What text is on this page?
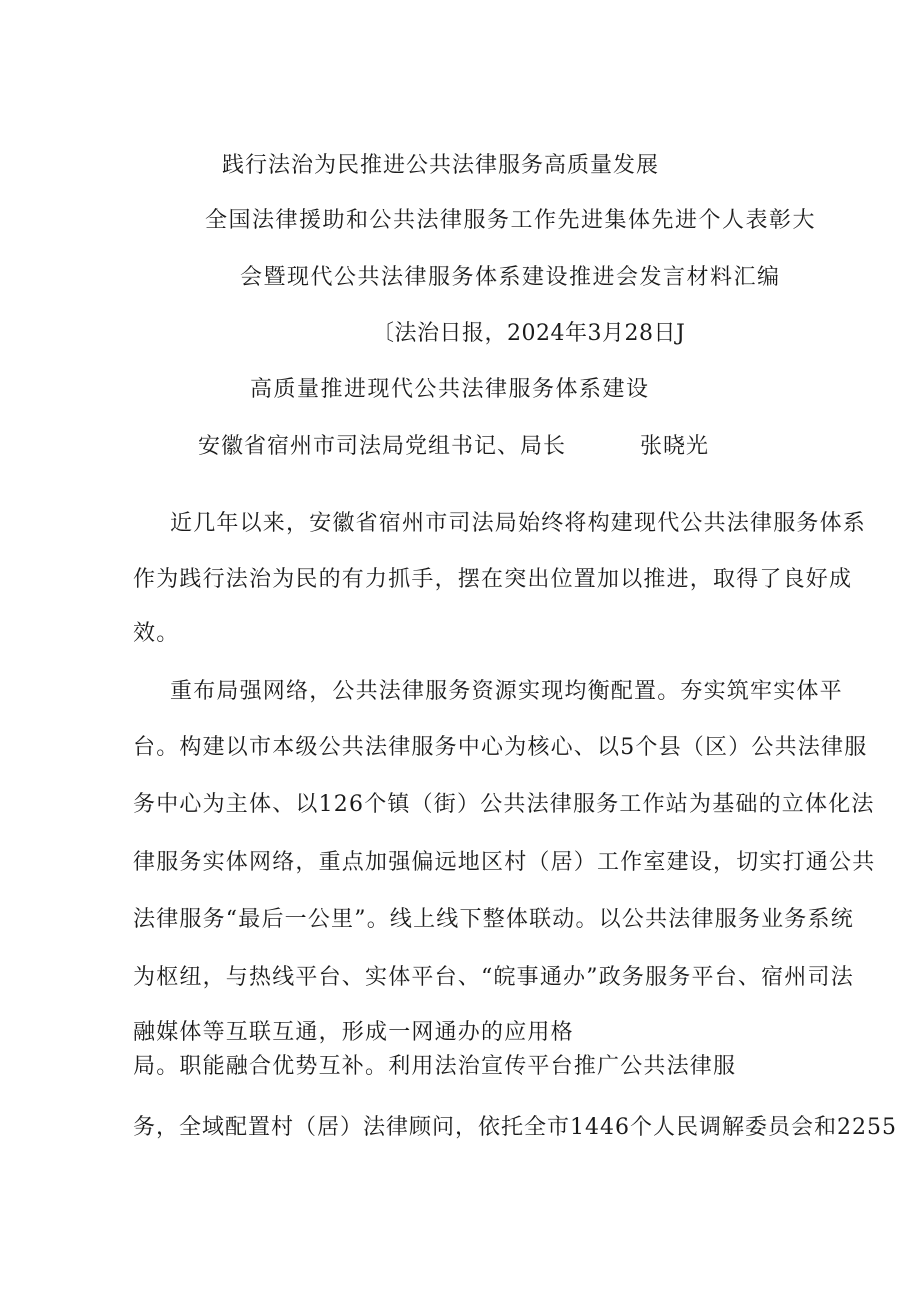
践行法治为民推进公共法律服务高质量发展
全国法律援助和公共法律服务工作先进集体先进个人表彰大
会暨现代公共法律服务体系建设推进会发言材料汇编
〔法治日报，2024年3月28日J
高质量推进现代公共法律服务体系建设
安徽省宿州市司法局党组书记、局长	张晓光
近几年以来，安徽省宿州市司法局始终将构建现代公共法律服务体系
作为践行法治为民的有力抓手，摆在突出位置加以推进，取得了良好成
效。
重布局强网络，公共法律服务资源实现均衡配置。夯实筑牢实体平
台。构建以市本级公共法律服务中心为核心、以5个县（区）公共法律服
务中心为主体、以126个镇（街）公共法律服务工作站为基础的立体化法
律服务实体网络，重点加强偏远地区村（居）工作室建设，切实打通公共
法律服务“最后一公里”。线上线下整体联动。以公共法律服务业务系统
为枢纽，与热线平台、实体平台、“皖事通办”政务服务平台、宿州司法
融媒体等互联互通，形成一网通办的应用格
局。职能融合优势互补。利用法治宣传平台推广公共法律服
务，全域配置村（居）法律顾问，依托全市1446个人民调解委员会和2255
